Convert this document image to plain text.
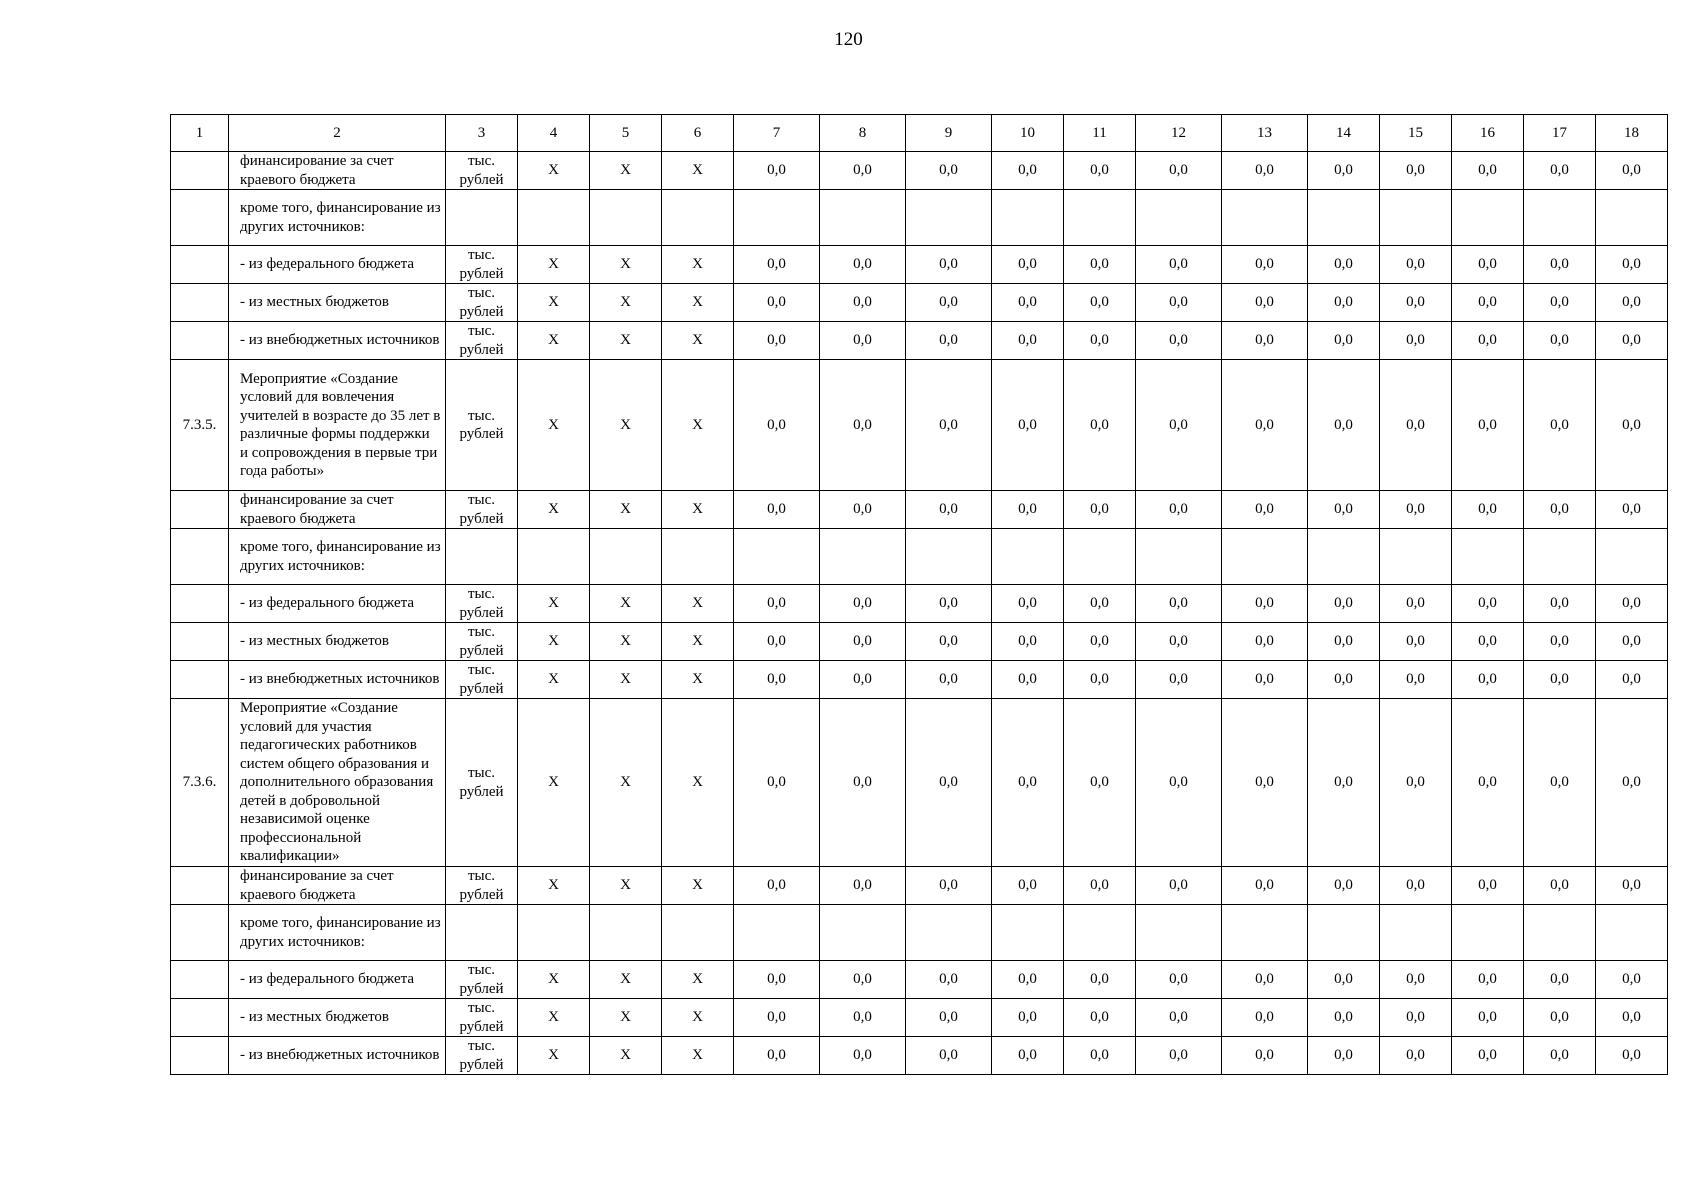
120
1	2	3	4	5	6	7	8	9	10	11	12	13	14	15	16	17	18
	финансирование за счет краевого бюджета	тыс. рублей	X	X	X	0,0	0,0	0,0	0,0	0,0	0,0	0,0	0,0	0,0	0,0	0,0	0,0
	кроме того, финансирование из других источников:																
	- из федерального бюджета	тыс. рублей	X	X	X	0,0	0,0	0,0	0,0	0,0	0,0	0,0	0,0	0,0	0,0	0,0	0,0
	- из местных бюджетов	тыс. рублей	X	X	X	0,0	0,0	0,0	0,0	0,0	0,0	0,0	0,0	0,0	0,0	0,0	0,0
	- из внебюджетных источников	тыс. рублей	X	X	X	0,0	0,0	0,0	0,0	0,0	0,0	0,0	0,0	0,0	0,0	0,0	0,0
7.3.5.	Мероприятие «Создание условий для вовлечения учителей в возрасте до 35 лет в различные формы поддержки и сопровождения в первые три года работы»	тыс. рублей	X	X	X	0,0	0,0	0,0	0,0	0,0	0,0	0,0	0,0	0,0	0,0	0,0	0,0
	финансирование за счет краевого бюджета	тыс. рублей	X	X	X	0,0	0,0	0,0	0,0	0,0	0,0	0,0	0,0	0,0	0,0	0,0	0,0
	кроме того, финансирование из других источников:																
	- из федерального бюджета	тыс. рублей	X	X	X	0,0	0,0	0,0	0,0	0,0	0,0	0,0	0,0	0,0	0,0	0,0	0,0
	- из местных бюджетов	тыс. рублей	X	X	X	0,0	0,0	0,0	0,0	0,0	0,0	0,0	0,0	0,0	0,0	0,0	0,0
	- из внебюджетных источников	тыс. рублей	X	X	X	0,0	0,0	0,0	0,0	0,0	0,0	0,0	0,0	0,0	0,0	0,0	0,0
7.3.6.	Мероприятие «Создание условий для участия педагогических работников систем общего образования и дополнительного образования детей в добровольной независимой оценке профессиональной квалификации»	тыс. рублей	X	X	X	0,0	0,0	0,0	0,0	0,0	0,0	0,0	0,0	0,0	0,0	0,0	0,0
	финансирование за счет краевого бюджета	тыс. рублей	X	X	X	0,0	0,0	0,0	0,0	0,0	0,0	0,0	0,0	0,0	0,0	0,0	0,0
	кроме того, финансирование из других источников:																
	- из федерального бюджета	тыс. рублей	X	X	X	0,0	0,0	0,0	0,0	0,0	0,0	0,0	0,0	0,0	0,0	0,0	0,0
	- из местных бюджетов	тыс. рублей	X	X	X	0,0	0,0	0,0	0,0	0,0	0,0	0,0	0,0	0,0	0,0	0,0	0,0
	- из внебюджетных источников	тыс. рублей	X	X	X	0,0	0,0	0,0	0,0	0,0	0,0	0,0	0,0	0,0	0,0	0,0	0,0
